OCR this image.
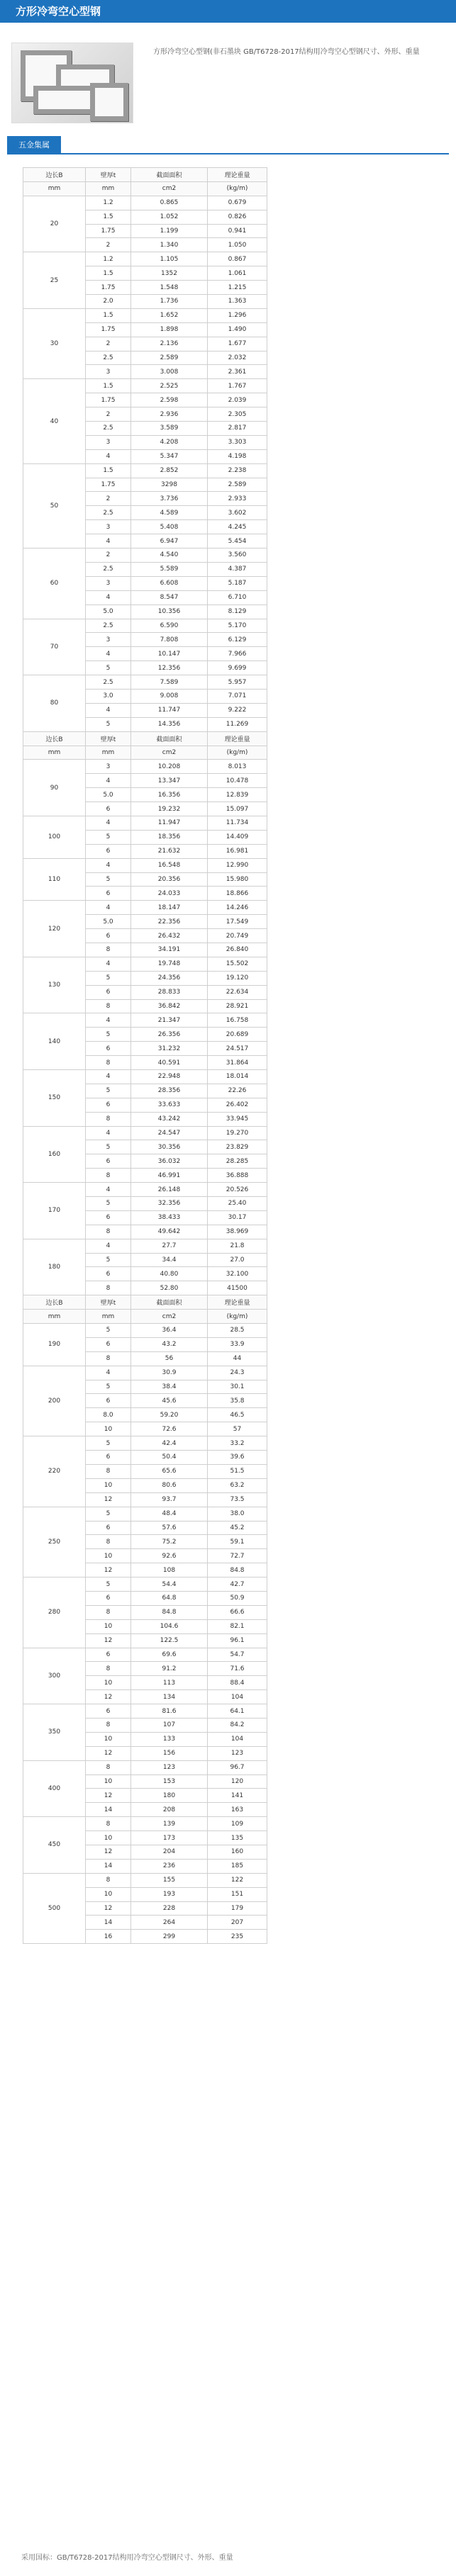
方形冷弯空心型钢
方形冷弯空心型钢(非石墨块 GB/T6728-2017结构用冷弯空心型钢尺寸、外形、重量
五金集属
边长B	壁厚t	截面面积	理论重量
mm	mm	cm2	(kg/m)
20	1.2	0.865	0.679
	1.5	1.052	0.826
	1.75	1.199	0.941
	2	1.340	1.050
25	1.2	1.105	0.867
	1.5	1352	1.061
	1.75	1.548	1.215
	2.0	1.736	1.363
30	1.5	1.652	1.296
	1.75	1.898	1.490
	2	2.136	1.677
	2.5	2.589	2.032
	3	3.008	2.361
40	1.5	2.525	1.767
	1.75	2.598	2.039
	2	2.936	2.305
	2.5	3.589	2.817
	3	4.208	3.303
	4	5.347	4.198
50	1.5	2.852	2.238
	1.75	3298	2.589
	2	3.736	2.933
	2.5	4.589	3.602
	3	5.408	4.245
	4	6.947	5.454
60	2	4.540	3.560
	2.5	5.589	4.387
	3	6.608	5.187
	4	8.547	6.710
	5.0	10.356	8.129
70	2.5	6.590	5.170
	3	7.808	6.129
	4	10.147	7.966
	5	12.356	9.699
80	2.5	7.589	5.957
	3.0	9.008	7.071
	4	11.747	9.222
	5	14.356	11.269
边长B	壁厚t	截面面积	理论重量
mm	mm	cm2	(kg/m)
90	3	10.208	8.013
	4	13.347	10.478
	5.0	16.356	12.839
	6	19.232	15.097
100	4	11.947	11.734
	5	18.356	14.409
	6	21.632	16.981
110	4	16.548	12.990
	5	20.356	15.980
	6	24.033	18.866
120	4	18.147	14.246
	5.0	22.356	17.549
	6	26.432	20.749
	8	34.191	26.840
130	4	19.748	15.502
	5	24.356	19.120
	6	28.833	22.634
	8	36.842	28.921
140	4	21.347	16.758
	5	26.356	20.689
	6	31.232	24.517
	8	40.591	31.864
150	4	22.948	18.014
	5	28.356	22.26
	6	33.633	26.402
	8	43.242	33.945
160	4	24.547	19.270
	5	30.356	23.829
	6	36.032	28.285
	8	46.991	36.888
170	4	26.148	20.526
	5	32.356	25.40
	6	38.433	30.17
	8	49.642	38.969
180	4	27.7	21.8
	5	34.4	27.0
	6	40.80	32.100
	8	52.80	41500
边长B	壁厚t	截面面积	理论重量
mm	mm	cm2	(kg/m)
190	5	36.4	28.5
	6	43.2	33.9
	8	56	44
200	4	30.9	24.3
	5	38.4	30.1
	6	45.6	35.8
	8.0	59.20	46.5
	10	72.6	57
220	5	42.4	33.2
	6	50.4	39.6
	8	65.6	51.5
	10	80.6	63.2
	12	93.7	73.5
250	5	48.4	38.0
	6	57.6	45.2
	8	75.2	59.1
	10	92.6	72.7
	12	108	84.8
280	5	54.4	42.7
	6	64.8	50.9
	8	84.8	66.6
	10	104.6	82.1
	12	122.5	96.1
300	6	69.6	54.7
	8	91.2	71.6
	10	113	88.4
	12	134	104
350	6	81.6	64.1
	8	107	84.2
	10	133	104
	12	156	123
400	8	123	96.7
	10	153	120
	12	180	141
	14	208	163
450	8	139	109
	10	173	135
	12	204	160
	14	236	185
500	8	155	122
	10	193	151
	12	228	179
	14	264	207
	16	299	235
采用国标：GB/T6728-2017结构用冷弯空心型钢尺寸、外形、重量
